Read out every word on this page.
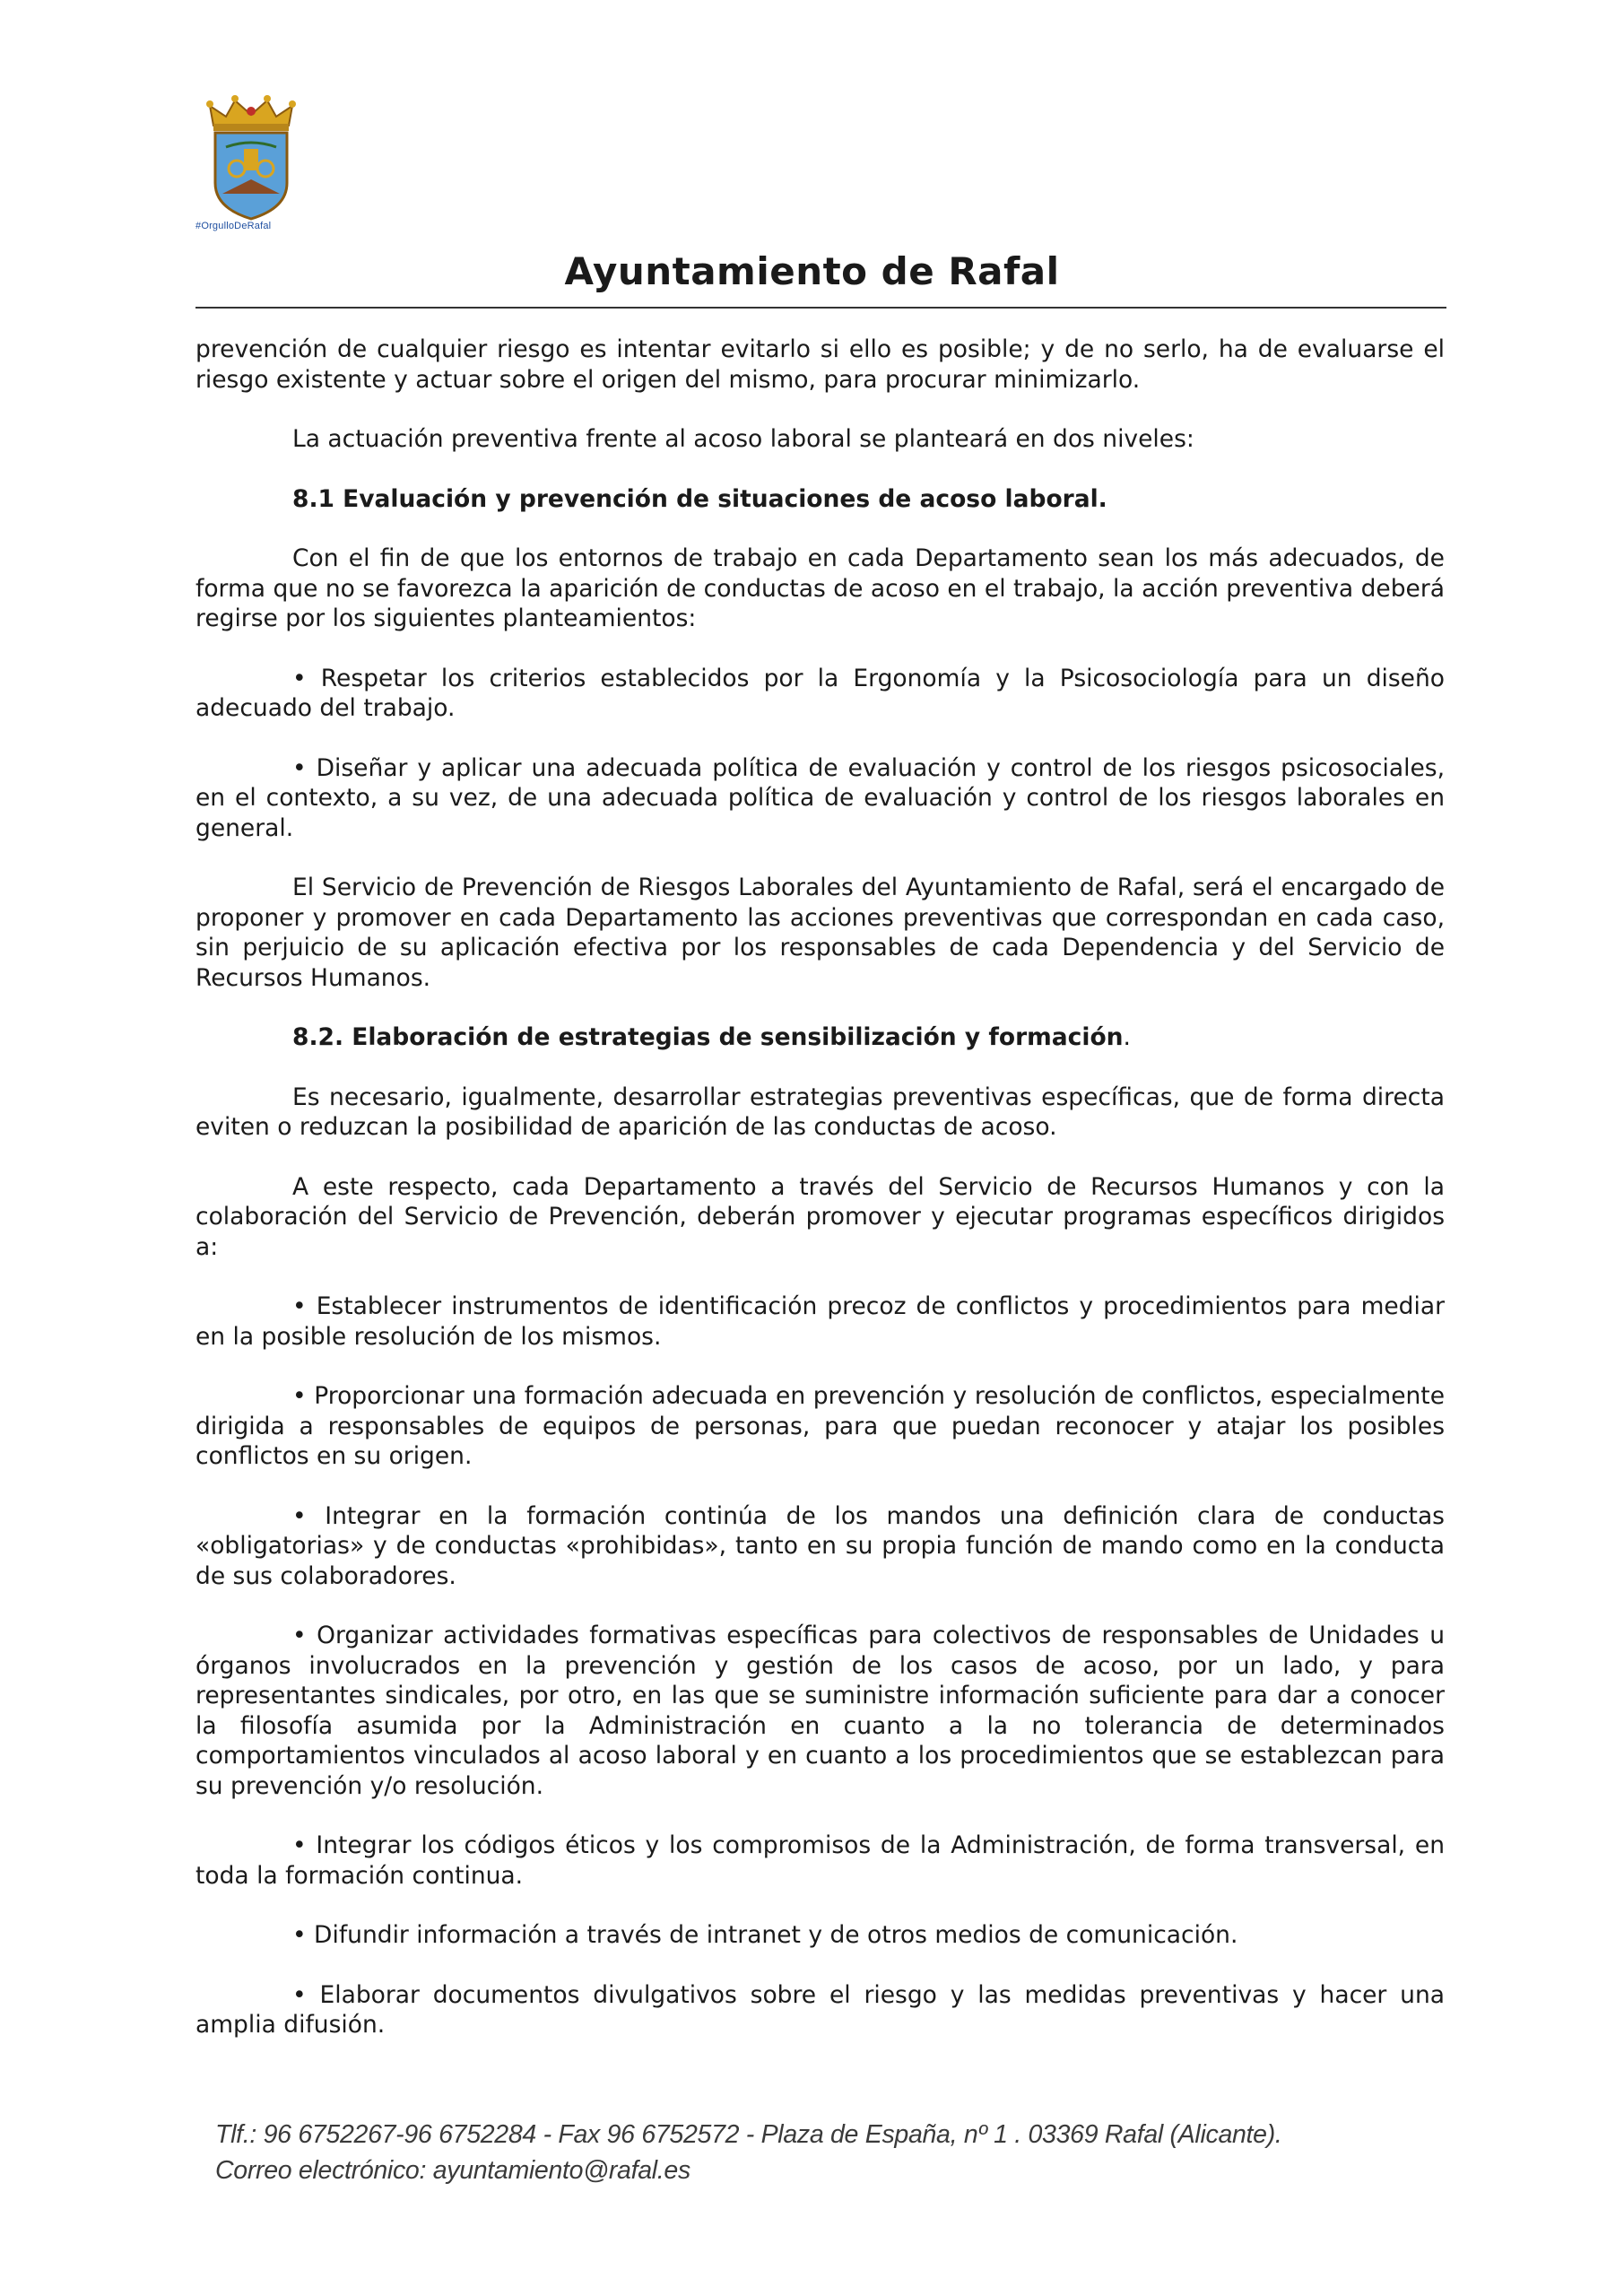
#OrgulloDeRafal
Ayuntamiento de Rafal

prevención de cualquier riesgo es intentar evitarlo si ello es posible; y de no serlo, ha de evaluarse el riesgo existente y actuar sobre el origen del mismo, para procurar minimizarlo.

La actuación preventiva frente al acoso laboral se planteará en dos niveles:

8.1 Evaluación y prevención de situaciones de acoso laboral.

Con el fin de que los entornos de trabajo en cada Departamento sean los más adecuados, de forma que no se favorezca la aparición de conductas de acoso en el trabajo, la acción preventiva deberá regirse por los siguientes planteamientos:

• Respetar los criterios establecidos por la Ergonomía y la Psicosociología para un diseño adecuado del trabajo.

• Diseñar y aplicar una adecuada política de evaluación y control de los riesgos psicosociales, en el contexto, a su vez, de una adecuada política de evaluación y control de los riesgos laborales en general.

El Servicio de Prevención de Riesgos Laborales del Ayuntamiento de Rafal, será el encargado de proponer y promover en cada Departamento las acciones preventivas que correspondan en cada caso, sin perjuicio de su aplicación efectiva por los responsables de cada Dependencia y del Servicio de Recursos Humanos.

8.2. Elaboración de estrategias de sensibilización y formación.

Es necesario, igualmente, desarrollar estrategias preventivas específicas, que de forma directa eviten o reduzcan la posibilidad de aparición de las conductas de acoso.

A este respecto, cada Departamento a través del Servicio de Recursos Humanos y con la colaboración del Servicio de Prevención, deberán promover y ejecutar programas específicos dirigidos a:

• Establecer instrumentos de identificación precoz de conflictos y procedimientos para mediar en la posible resolución de los mismos.

• Proporcionar una formación adecuada en prevención y resolución de conflictos, especialmente dirigida a responsables de equipos de personas, para que puedan reconocer y atajar los posibles conflictos en su origen.

• Integrar en la formación continúa de los mandos una definición clara de conductas «obligatorias» y de conductas «prohibidas», tanto en su propia función de mando como en la conducta de sus colaboradores.

• Organizar actividades formativas específicas para colectivos de responsables de Unidades u órganos involucrados en la prevención y gestión de los casos de acoso, por un lado, y para representantes sindicales, por otro, en las que se suministre información suficiente para dar a conocer la filosofía asumida por la Administración en cuanto a la no tolerancia de determinados comportamientos vinculados al acoso laboral y en cuanto a los procedimientos que se establezcan para su prevención y/o resolución.

• Integrar los códigos éticos y los compromisos de la Administración, de forma transversal, en toda la formación continua.

• Difundir información a través de intranet y de otros medios de comunicación.

• Elaborar documentos divulgativos sobre el riesgo y las medidas preventivas y hacer una amplia difusión.

Tlf.: 96 6752267-96 6752284 - Fax 96 6752572 - Plaza de España, nº 1 . 03369 Rafal (Alicante).
Correo electrónico: ayuntamiento@rafal.es
